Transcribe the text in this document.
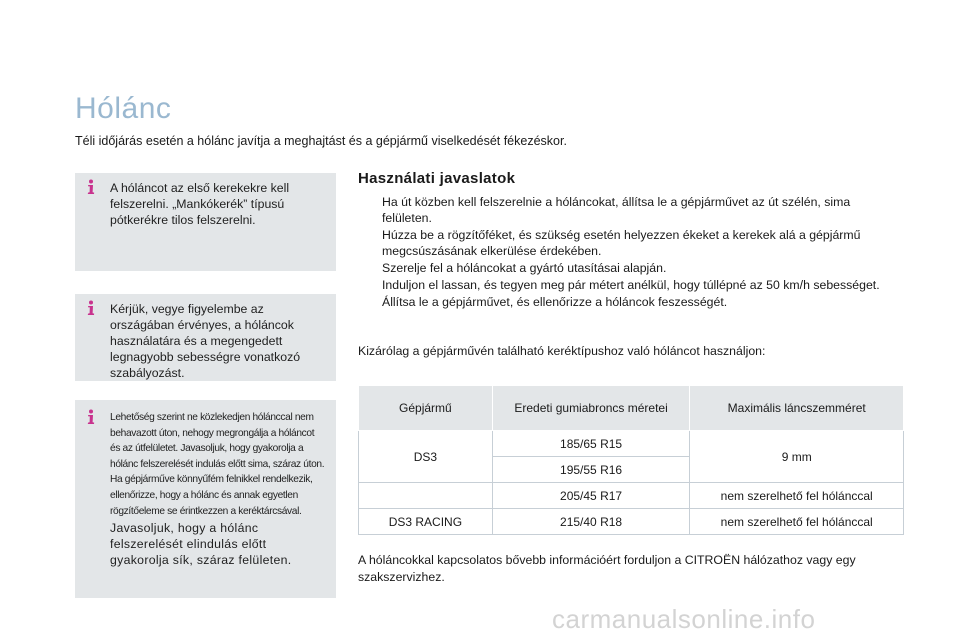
Hólánc
Téli időjárás esetén a hólánc javítja a meghajtást és a gépjármű viselkedését fékezéskor.
A hóláncot az első kerekekre kell felszerelni. „Mankókerék” típusú pótkerékre tilos felszerelni.
Kérjük, vegye figyelembe az országában érvényes, a hóláncok használatára és a megengedett legnagyobb sebességre vonatkozó szabályozást.
Lehetőség szerint ne közlekedjen hólánccal nem behavazott úton, nehogy megrongálja a hóláncot és az útfelületet. Javasoljuk, hogy gyakorolja a hólánc felszerelését indulás előtt sima, száraz úton. Ha gépjárműve könnyűfém felnikkel rendelkezik, ellenőrizze, hogy a hólánc és annak egyetlen rögzítőeleme se érintkezzen a keréktárcsával.
Javasoljuk, hogy a hólánc felszerelését elindulás előtt gyakorolja sík, száraz felületen.
Használati javaslatok
Ha út közben kell felszerelnie a hóláncokat, állítsa le a gépjárművet az út szélén, sima felületen.
Húzza be a rögzítőféket, és szükség esetén helyezzen ékeket a kerekek alá a gépjármű megcsúszásának elkerülése érdekében.
Szerelje fel a hóláncokat a gyártó utasításai alapján.
Induljon el lassan, és tegyen meg pár métert anélkül, hogy túllépné az 50 km/h sebességet.
Állítsa le a gépjárművet, és ellenőrizze a hóláncok feszességét.
Kizárólag a gépjárművén található keréktípushoz való hóláncot használjon:
Gépjármű	Eredeti gumiabroncs méretei	Maximális láncszemméret
DS3	185/65 R15	9 mm
	195/55 R16	
	205/45 R17	nem szerelhető fel hólánccal
DS3 RACING	215/40 R18	nem szerelhető fel hólánccal
A hóláncokkal kapcsolatos bővebb információért forduljon a CITROËN hálózathoz vagy egy szakszervizhez.
carmanualsonline.info
